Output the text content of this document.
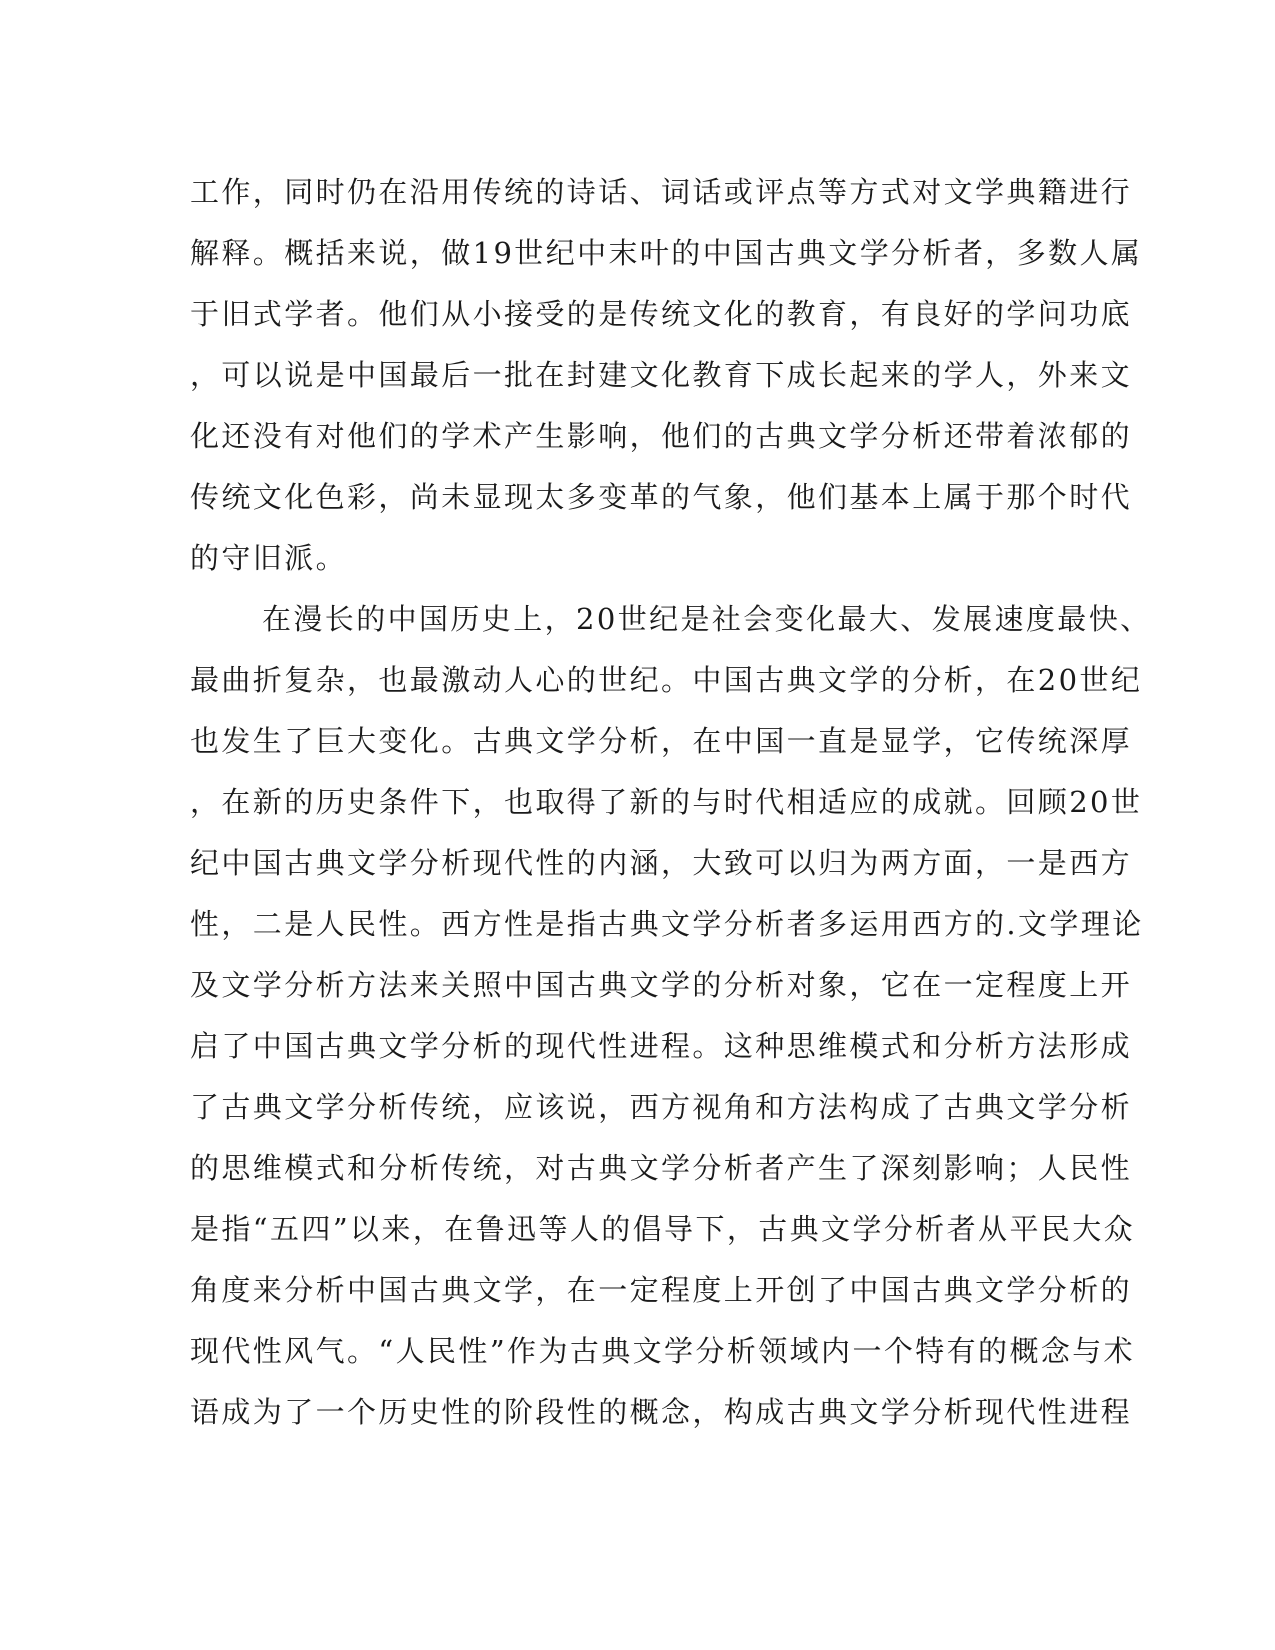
工作，同时仍在沿用传统的诗话、词话或评点等方式对文学典籍进行
解释。概括来说，做19世纪中末叶的中国古典文学分析者，多数人属
于旧式学者。他们从小接受的是传统文化的教育，有良好的学问功底
，可以说是中国最后一批在封建文化教育下成长起来的学人，外来文
化还没有对他们的学术产生影响，他们的古典文学分析还带着浓郁的
传统文化色彩，尚未显现太多变革的气象，他们基本上属于那个时代
的守旧派。
在漫长的中国历史上，20世纪是社会变化最大、发展速度最快、
最曲折复杂，也最激动人心的世纪。中国古典文学的分析，在20世纪
也发生了巨大变化。古典文学分析，在中国一直是显学，它传统深厚
，在新的历史条件下，也取得了新的与时代相适应的成就。回顾20世
纪中国古典文学分析现代性的内涵，大致可以归为两方面，一是西方
性，二是人民性。西方性是指古典文学分析者多运用西方的.文学理论
及文学分析方法来关照中国古典文学的分析对象，它在一定程度上开
启了中国古典文学分析的现代性进程。这种思维模式和分析方法形成
了古典文学分析传统，应该说，西方视角和方法构成了古典文学分析
的思维模式和分析传统，对古典文学分析者产生了深刻影响；人民性
是指“五四”以来，在鲁迅等人的倡导下，古典文学分析者从平民大众
角度来分析中国古典文学，在一定程度上开创了中国古典文学分析的
现代性风气。“人民性”作为古典文学分析领域内一个特有的概念与术
语成为了一个历史性的阶段性的概念，构成古典文学分析现代性进程
